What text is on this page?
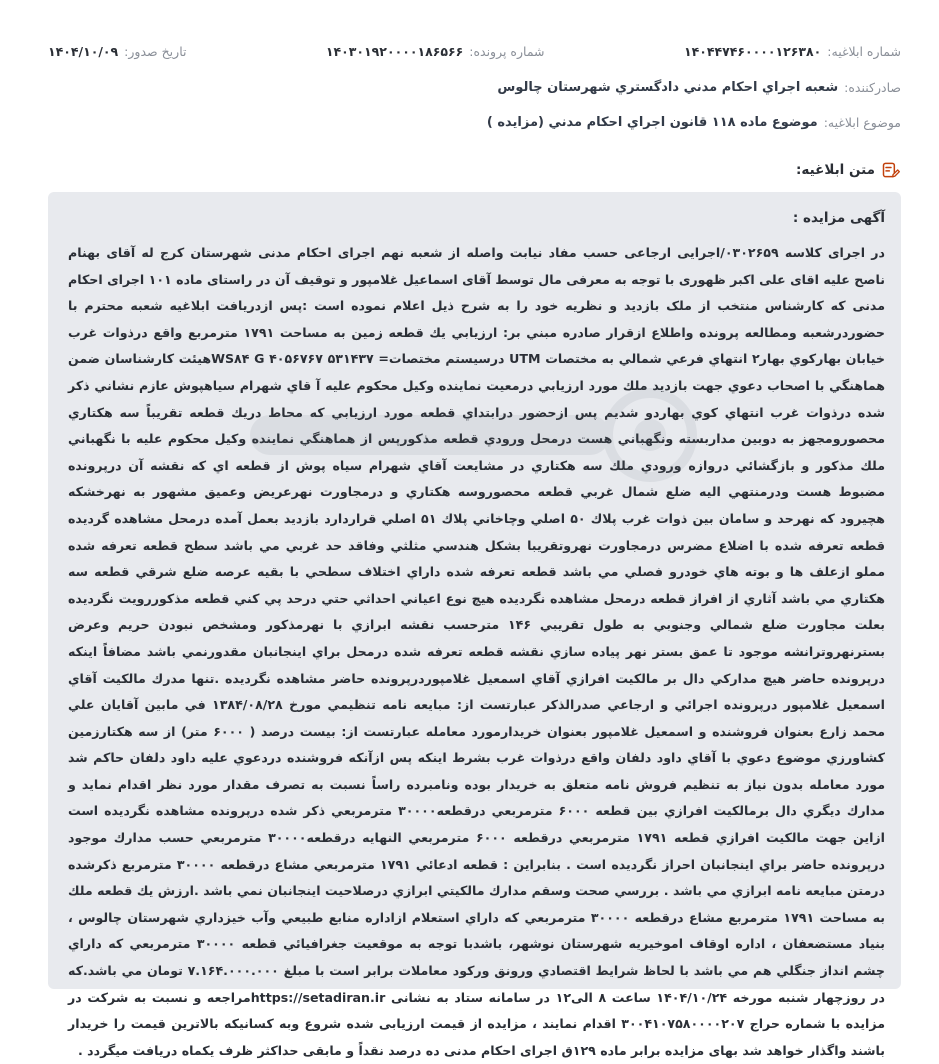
شماره ابلاغيه:
۱۴۰۴۴۷۴۶۰۰۰۰۱۲۶۳۸۰
شماره پرونده:
۱۴۰۳۰۱۹۲۰۰۰۰۱۸۶۵۶۶
تاريخ صدور:
۱۴۰۴/۱۰/۰۹
صادرکننده:
شعبه اجراي احکام مدني دادگستري شهرستان چالوس
موضوع ابلاغيه:
موضوع ماده ۱۱۸ قانون اجراي احکام مدني (مزايده )
متن ابلاغيه:

آگهی مزایده :

در اجرای کلاسه ۰۳۰۲۶۵۹/اجرایی ارجاعی حسب مفاد نیابت واصله از شعبه نهم اجرای احکام مدنی شهرستان کرج له آقای بهنام ناصح علیه اقای علی اکبر ظهوری با توجه به معرفی مال توسط آقای اسماعیل غلامپور و توقیف آن در راستای ماده ۱۰۱ اجرای احکام مدنی که کارشناس منتخب از ملک بازدید و نظریه خود را به شرح ذیل اعلام نموده است :پس ازدريافت ابلاغيه شعبه محترم با حضوردرشعبه ومطالعه پرونده واطلاع ازقرار صادره مبني بر: ارزيابي يك قطعه زمين به مساحت ۱۷۹۱ مترمربع واقع درذوات غرب خيابان بهاركوي بهار۲ انتهاي فرعي شمالي به مختصات UTM درسيستم مختصات= WS۸۴ G ۴۰۵۶۷۶۷ ۵۳۱۴۳۷هيئت كارشناسان ضمن هماهنگي با اصحاب دعوي جهت بازديد ملك مورد ارزيابي درمعيت نماينده وكيل محكوم عليه آ قاي شهرام سياهپوش عازم نشاني ذكر شده درذوات غرب انتهاي كوي بهاردو شديم پس ازحضور درابتداي قطعه مورد ارزيابي كه محاط دريك قطعه تقريباً سه هكتاري محصورومجهز به دوبين مداربسته ونگهباني هست درمحل ورودي قطعه مذكورپس از هماهنگي نماينده وكيل محكوم عليه با نگهباني ملك مذكور و بازگشائي دروازه ورودي ملك سه هكتاري در مشايعت آقاي شهرام سياه پوش از قطعه اي كه نقشه آن درپرونده مضبوط هست ودرمنتهي اليه ضلع شمال غربي قطعه محصوروسه هكتاري و درمجاورت نهرعريض وعميق مشهور به نهرخشكه هچيرود كه نهرحد و سامان بين ذوات غرب پلاك ۵۰ اصلي وچاخاني پلاك ۵۱ اصلي قراردارد بازديد بعمل آمده درمحل مشاهده گرديده قطعه تعرفه شده با اضلاع مضرس درمجاورت نهروتقريبا بشكل هندسي مثلثي وفاقد حد غربي مي باشد سطح قطعه تعرفه شده مملو ازعلف ها و بوته هاي خودرو فصلي مي باشد قطعه تعرفه شده داراي اختلاف سطحي با بقيه عرصه ضلع شرقي قطعه سه هكتاري مي باشد آثاري از افراز قطعه درمحل مشاهده نگرديده هيچ نوع اعياني احداثي حتي درحد پي كني قطعه مذكوررويت نگرديده بعلت مجاورت ضلع شمالي وجنوبي به طول تقريبي ۱۴۶ مترحسب نقشه ابرازي با نهرمذكور ومشخص نبودن حريم وعرض بسترنهروترانشه موجود تا عمق بستر نهر پياده سازي نقشه قطعه تعرفه شده درمحل براي اينجانبان مقدورنمي باشد مضافاً اينكه درپرونده حاضر هيچ مداركي دال بر مالكيت افرازي آقاي اسمعيل غلامپوردرپرونده حاضر مشاهده نگرديده .تنها مدرك مالكيت آقاي اسمعيل غلامپور درپرونده اجرائي و ارجاعي صدرالذكر عبارتست از: مبايعه نامه تنظيمي مورخ ۱۳۸۴/۰۸/۲۸ في مابين آقايان علي محمد زارع بعنوان فروشنده و اسمعيل غلامپور بعنوان خريدارمورد معامله عبارتست از: بيست درصد ( ۶۰۰۰ متر) از سه هكتارزمين كشاورزي موضوع دعوي با آقاي داود دلفان واقع درذوات غرب بشرط اينكه پس ازآنكه فروشنده دردعوي عليه داود دلفان حاكم شد مورد معامله بدون نياز به تنظيم فروش نامه متعلق به خريدار بوده ونامبرده راساً نسبت به تصرف مقدار مورد نظر اقدام نمايد و مدارك ديگري دال برمالكيت افرازي بين قطعه ۶۰۰۰ مترمربعي درقطعه۳۰۰۰۰ مترمربعي ذكر شده درپرونده مشاهده نگرديده است ازاين جهت مالكيت افرازي قطعه ۱۷۹۱ مترمربعي درقطعه ۶۰۰۰ مترمربعي النهايه درقطعه۳۰۰۰۰ مترمربعي حسب مدارك موجود درپرونده حاضر براي اينجانبان احراز نگرديده است . بنابراين : قطعه ادعائي ۱۷۹۱ مترمربعي مشاع درقطعه ۳۰۰۰۰ مترمربع ذكرشده درمتن مبايعه نامه ابرازي مي باشد . بررسي صحت وسقم مدارك مالكيتي ابرازي درصلاحيت اينجانبان نمي باشد .ارزش يك قطعه ملك به مساحت ۱۷۹۱ مترمربع مشاع درقطعه ۳۰۰۰۰ مترمربعي كه داراي استعلام ازاداره منابع طبيعي وآب خيزداري شهرستان چالوس ، بنياد مستضعفان ، اداره اوقاف اموخيريه شهرستان نوشهر، باشدبا توجه به موقعيت جغرافيائي قطعه ۳۰۰۰۰ مترمربعي كه داراي چشم انداز جنگلي هم مي باشد با لحاظ شرايط اقتصادي ورونق وركود معاملات برابر است با مبلغ ۷.۱۶۴.۰۰۰.۰۰۰ تومان مي باشد.که در روزچهار شنبه مورخه ۱۴۰۴/۱۰/۲۴ ساعت ۸ الی۱۲ در سامانه ستاد به نشانی https://setadiran.irمراجعه و نسبت به شرکت در مزایده با شماره حراج ۳۰۰۴۱۰۷۵۸۰۰۰۰۲۰۷ اقدام نمایند ، مزایده از قیمت ارزیابی شده شروع وبه کسانیکه بالاترین قیمت را خریدار باشند واگذار خواهد شد بهای مزایده برابر ماده ۱۲۹ق اجرای احکام مدنی ده درصد نقداً و مابقی حداکثر ظرف یکماه دریافت میگردد .
